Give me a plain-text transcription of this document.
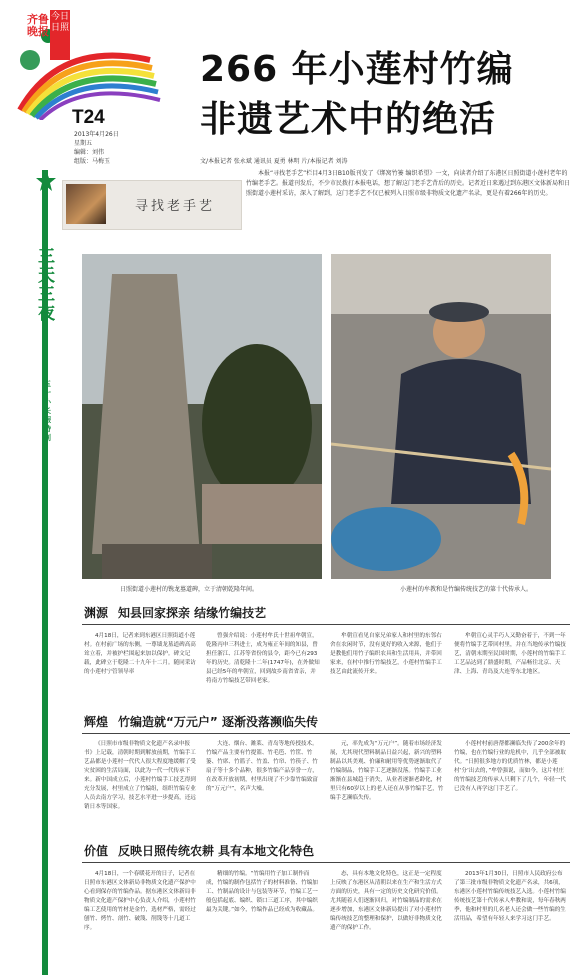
齐鲁晚报
今日日照
T24
2013年4月26日
星期五
编辑：刘伟
组版：马梅玉
266 年小莲村竹编
非遗艺术中的绝活
文/本报记者 张永斌 通讯员 夏勇 林明 片/本报记者 刘涛
三天三夜
五一小长假特刊
寻找老手艺
本报“寻找老手艺”栏目4月3日B10版刊发了《绑窝竹篓 编织希望》一文，向读者介绍了东港区日照街道小莲村老年的竹编老手艺。报道刊发后，不少市民拨打本报电话，想了解这门老手艺背后的历史。记者近日来遇过到东港区文体新局和日照街道小莲村采访，深入了解到，这门老手艺不仅已被列入日照市级非物质文化遗产名录，更是有着266年的历史。
日照街道小莲村的镌龙墓道碑，立于清朝乾隆年间。	小莲村的牟教和是竹编传统技艺的第十代传承人。
渊源 知县回家探亲 结缘竹编技艺
4月18日，记者来到东港区日照街道小莲村。在村前广场的东侧，一尊墙龙墓道碑高高耸立着，并被护栏围起来加以保护。碑文记载，此碑立于乾隆二十九年十二月。随同采访的小莲村宁管领导率
曾强介绍说：小莲村牟氏十世祖牟朝宣，乾隆丙申三科进士，成为雍正年间的知县，曾担任浙江、江苏等省份的县令，距今已有293年的历史。清乾隆十二年(1747年)，在外做知县已经5年的牟朝宣，回到故乡南省省亲，并将南方竹编技艺带回老家。
牟朝宣看见自家兄弟家人和村里的东邻右舍在农闲时节，没有更好的收入来源，他们于是教他们用竹子编织农具和生活用具，并带回家来，在村中推行竹编技艺，小莲村竹编手工技艺由此流传开来。
牟朝宣心灵手巧人又勤奋着于，不到一年便将竹编手艺带回村里，并在当地传承竹编技艺，清朝末期至民国时期，小莲村的竹编手工工艺品达到了鼎盛时期，产品畅往北京、天津、上海、青岛及大连等东北地区。
辉煌 竹编造就“万元户” 逐渐没落濒临失传
《日照市市级非物质文化遗产名录申报书》上记载，清朝时期到解放前期，竹编手工艺品都是小莲村一代代人很大程度地缓解了受灾贫困的生活局面，以此为一代一代传承下来。新中国成立后，小莲村竹编手工技艺得到充分发展，村里成立了竹编组，组织竹编专业人员去南方学习，技艺水平进一步提高，还远销日本等国家。
大连、烟台、潍莱、青岛等地传授技术。竹编产品主要有竹提篮、竹毛笆、竹筐、竹篓、竹席、竹篮子、竹盖、竹帘、竹筷子、竹扇子等十多个品种，很多竹编产品享誉一方，在改革开放初期，村里出现了不少靠竹编致富的“万元户”，名声大噪。
元，率先成为“万元户”。随着市场经济发展，尤其现代塑料制品日益兴起，新兴的塑料制品以其美观、价廉和耐用等优势逐渐取代了竹编制品，竹编手工艺逐渐没落。竹编手工业渐渐在县城趋于消失，从业者逐渐老龄化，村里只有60岁以上的老人还在从事竹编手艺，竹编手艺濒临失传。
小莲村村前唐帮都濒临失传了200余年的竹编，也在竹编行业的危机中，几乎全部被取代。“日照很多地方的优质竹林，都是小莲村‘分’出去的，”牟曾强说，而如今，这片村庄的竹编技艺的传承人只剩下了几个，年轻一代已没有人再学这门手艺了。
价值 反映日照传统农耕 具有本地文化特色
4月18日，一个春暖花开的日子，记者在日照市东港区文体新局非物质文化遗产保护中心看到保存的竹编作品。据东港区文体新局非物质文化遗产保护中心负责人介绍，小莲村竹编工艺使用的竹材是金竹，选材严格，需经过刨竹、烤竹、剖竹、破篾、削篾等十几道工序。
精细的竹编。“竹编用竹子加工制作而成，竹编的制作包括竹子的材料准备、竹编加工、竹制品的设计与包装等环节，竹编工艺一般包括起底、编织、锁口三道工序，其中编织最为关键。”如今，竹编作品已经成为收藏品。
态，具有本地文化特色，这正是一定程度上反映了东港区从清朝以来在生产和生活方式方面的历史，具有一定的历史文化研究价值。尤其随着人们逐渐回归，对竹编制品的需求在逐步增加，东港区文体新局提出了对小莲村竹编传统技艺的整理和保护，以做好非物质文化遗产的保护工作。
2013年1月30日，日照市人民政府公布了第三批市级非物质文化遗产名录，共6项，东港区小莲村竹编传统技艺入选。小莲村竹编传统技艺第十代传承人牟教和说，每年春秋两季，他和村里的几名老人还会做一些竹编的生活用品，希望有年轻人来学习这门手艺。
